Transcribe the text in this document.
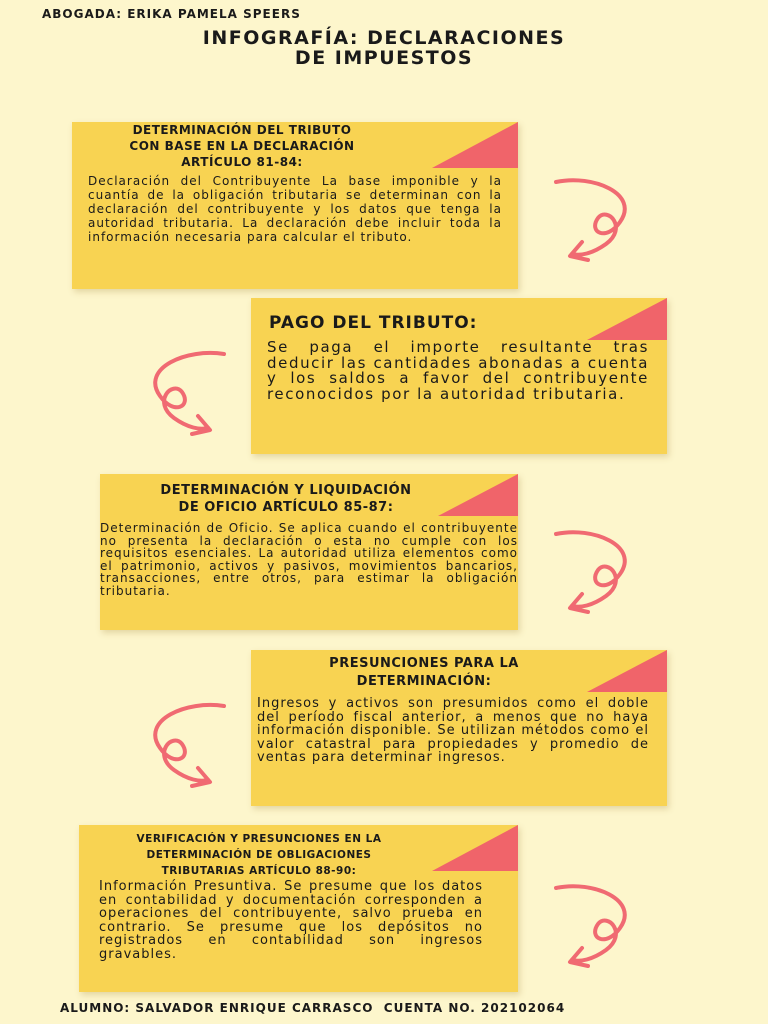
ABOGADA: ERIKA PAMELA SPEERS
INFOGRAFÍA: DECLARACIONES
DE IMPUESTOS
DETERMINACIÓN DEL TRIBUTO
CON BASE EN LA DECLARACIÓN
ARTÍCULO 81-84:

Declaración del Contribuyente La base imponible y la cuantía de la obligación tributaria se determinan con la declaración del contribuyente y los datos que tenga la autoridad tributaria. La declaración debe incluir toda la información necesaria para calcular el tributo.

PAGO DEL TRIBUTO:

Se paga el importe resultante tras deducir las cantidades abonadas a cuenta y los saldos a favor del contribuyente reconocidos por la autoridad tributaria.

DETERMINACIÓN Y LIQUIDACIÓN
DE OFICIO ARTÍCULO 85-87:

Determinación de Oficio. Se aplica cuando el contribuyente no presenta la declaración o esta no cumple con los requisitos esenciales. La autoridad utiliza elementos como el patrimonio, activos y pasivos, movimientos bancarios, transacciones, entre otros, para estimar la obligación tributaria.

PRESUNCIONES PARA LA
DETERMINACIÓN:

Ingresos y activos son presumidos como el doble del período fiscal anterior, a menos que no haya información disponible. Se utilizan métodos como el valor catastral para propiedades y promedio de ventas para determinar ingresos.

VERIFICACIÓN Y PRESUNCIONES EN LA
DETERMINACIÓN DE OBLIGACIONES
TRIBUTARIAS ARTÍCULO 88-90:

Información Presuntiva. Se presume que los datos en contabilidad y documentación corresponden a operaciones del contribuyente, salvo prueba en contrario. Se presume que los depósitos no registrados en contabilidad son ingresos gravables.

ALUMNO: SALVADOR ENRIQUE CARRASCO  CUENTA NO. 202102064
